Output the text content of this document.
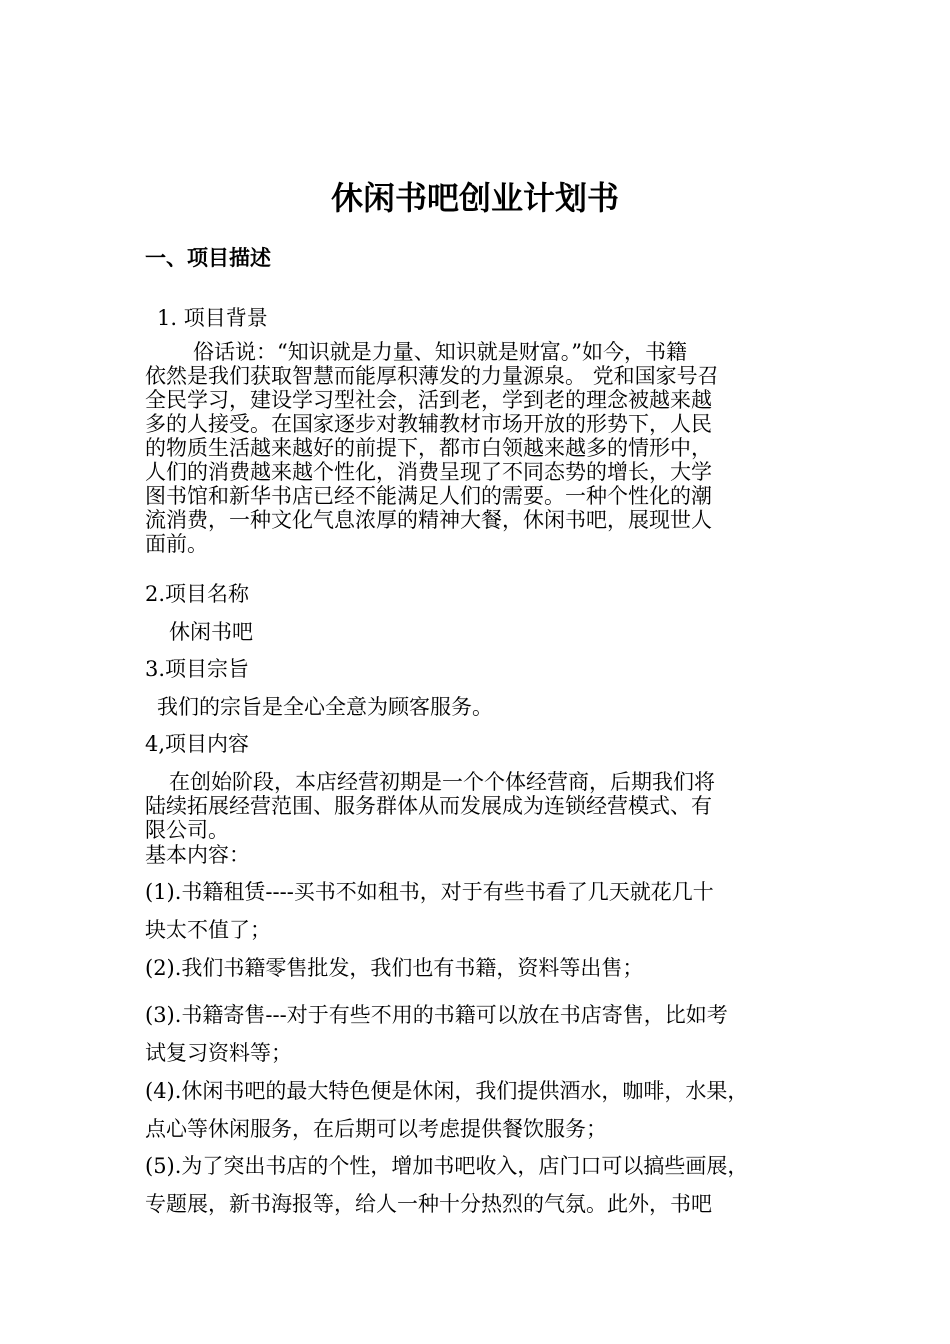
休闲书吧创业计划书
一、项目描述
1. 项目背景
俗话说：“知识就是力量、知识就是财富。”如今，书籍
依然是我们获取智慧而能厚积薄发的力量源泉。 党和国家号召
全民学习，建设学习型社会，活到老，学到老的理念被越来越
多的人接受。在国家逐步对教辅教材市场开放的形势下，人民
的物质生活越来越好的前提下，都市白领越来越多的情形中，
人们的消费越来越个性化，消费呈现了不同态势的增长，大学
图书馆和新华书店已经不能满足人们的需要。一种个性化的潮
流消费，一种文化气息浓厚的精神大餐，休闲书吧，展现世人
面前。
2.项目名称
休闲书吧
3.项目宗旨
我们的宗旨是全心全意为顾客服务。
4,项目内容
在创始阶段，本店经营初期是一个个体经营商，后期我们将
陆续拓展经营范围、服务群体从而发展成为连锁经营模式、有
限公司。
基本内容：
(1).书籍租赁----买书不如租书，对于有些书看了几天就花几十
块太不值了；
(2).我们书籍零售批发，我们也有书籍，资料等出售；
(3).书籍寄售---对于有些不用的书籍可以放在书店寄售，比如考
试复习资料等；
(4).休闲书吧的最大特色便是休闲，我们提供酒水，咖啡，水果，
点心等休闲服务，在后期可以考虑提供餐饮服务；
(5).为了突出书店的个性，增加书吧收入，店门口可以搞些画展，
专题展，新书海报等，给人一种十分热烈的气氛。此外，书吧
